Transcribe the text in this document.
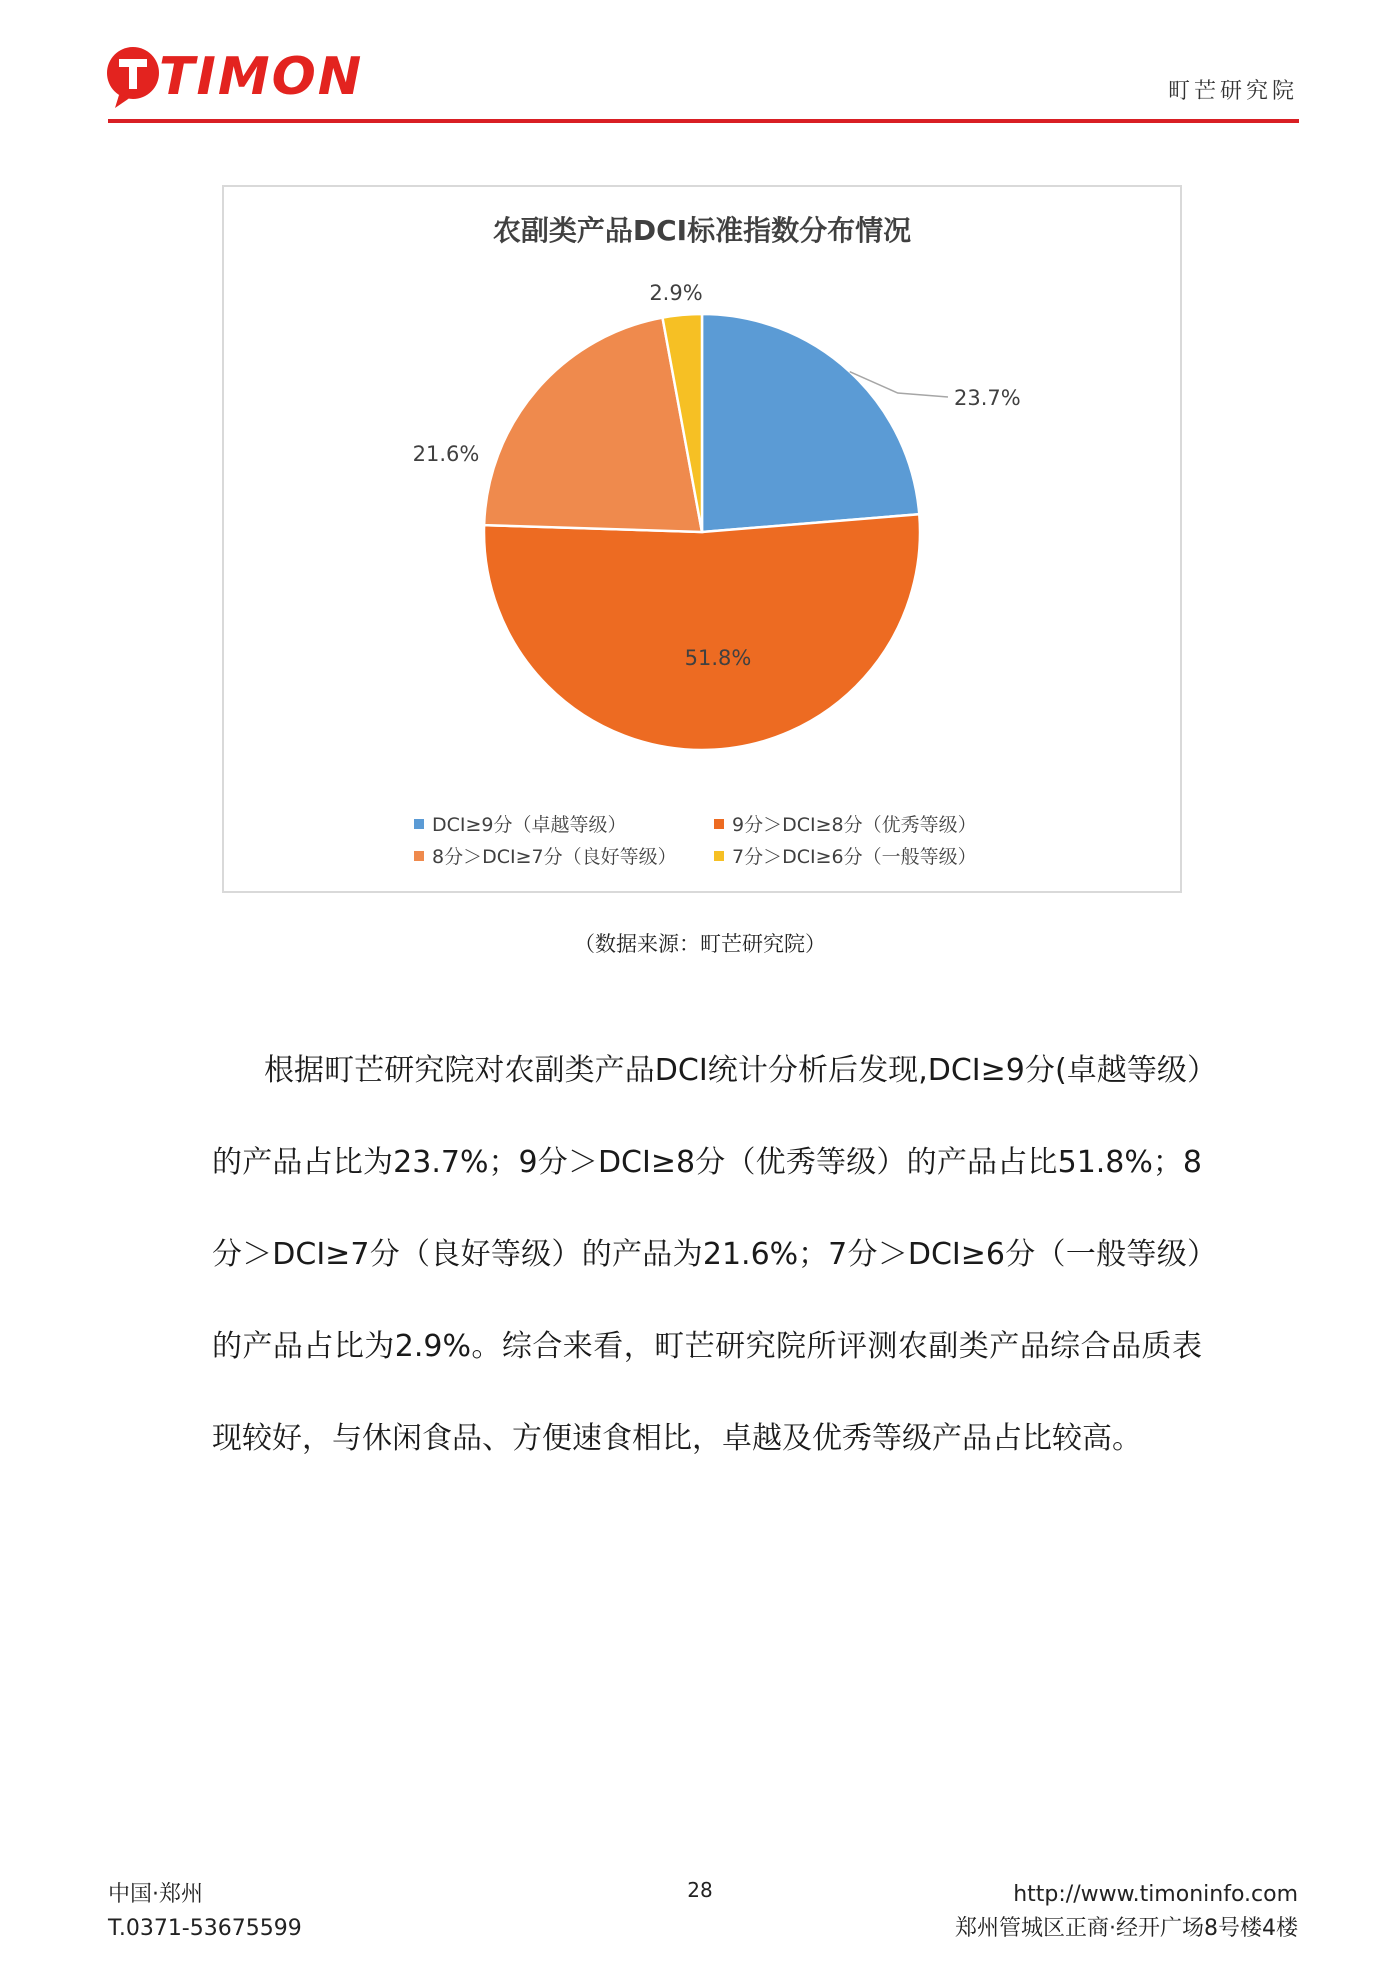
TIMON	町芒研究院
农副类产品DCI标准指数分布情况
23.7%
51.8%
21.6%
2.9%
DCI≥9分（卓越等级）	9分＞DCI≥8分（优秀等级）
8分＞DCI≥7分（良好等级）	7分＞DCI≥6分（一般等级）
（数据来源：町芒研究院）
根据町芒研究院对农副类产品DCI统计分析后发现,DCI≥9分(卓越等级）的产品占比为23.7%；9分＞DCI≥8分（优秀等级）的产品占比51.8%；8分＞DCI≥7分（良好等级）的产品为21.6%；7分＞DCI≥6分（一般等级）的产品占比为2.9%。综合来看，町芒研究院所评测农副类产品综合品质表现较好，与休闲食品、方便速食相比，卓越及优秀等级产品占比较高。
中国·郑州
T.0371-53675599
28	http://www.timoninfo.com
郑州管城区正商·经开广场8号楼4楼
